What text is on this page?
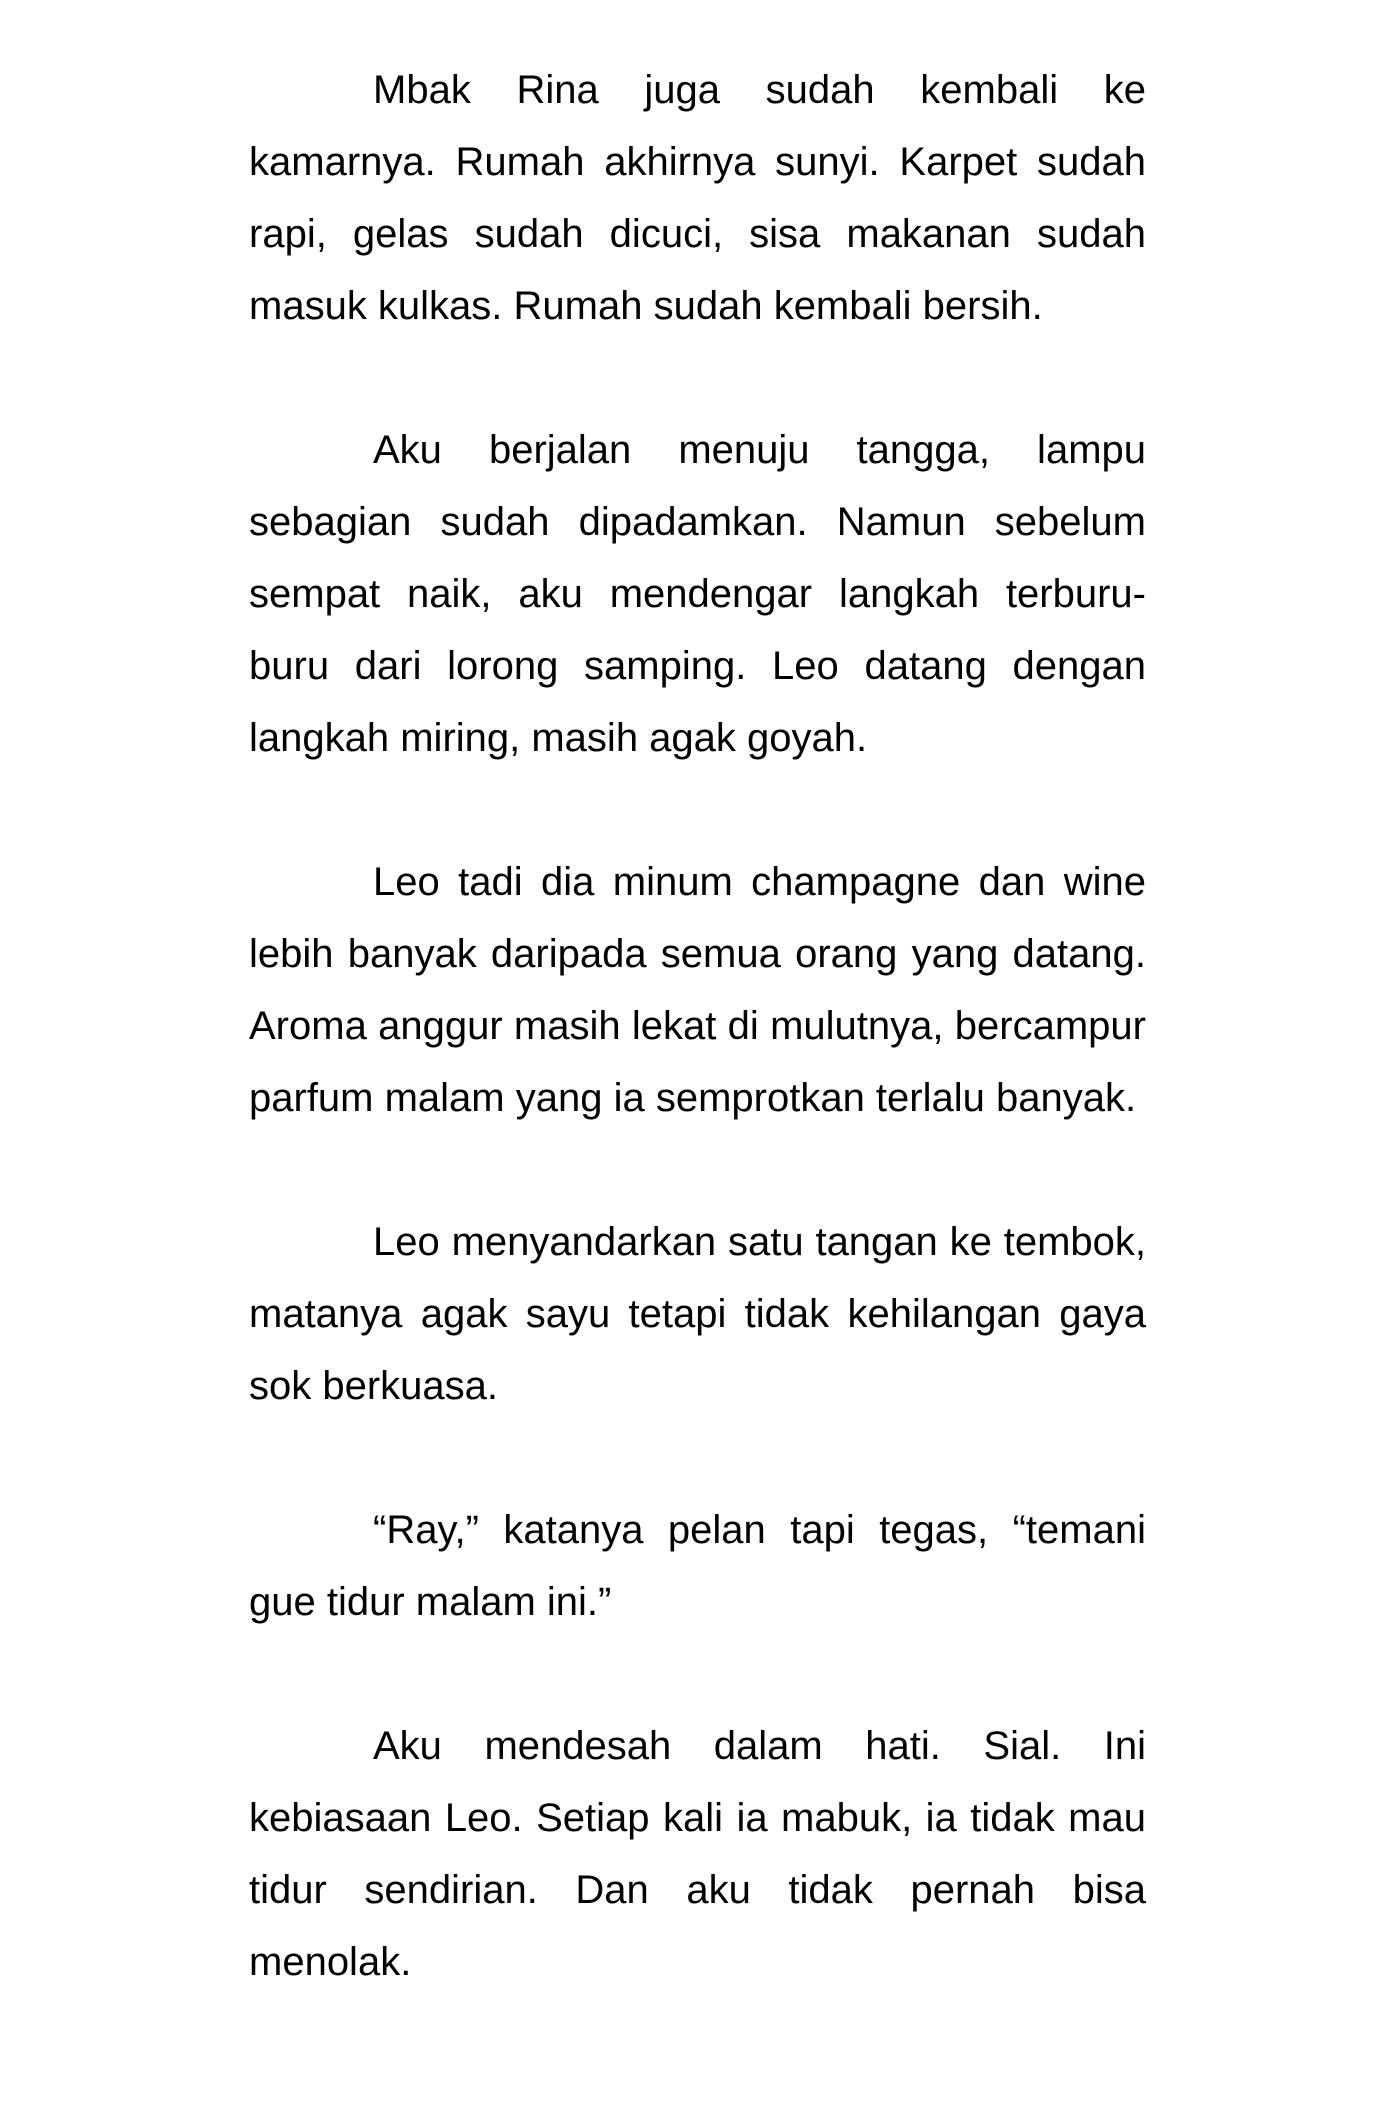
Mbak Rina juga sudah kembali ke kamarnya. Rumah akhirnya sunyi. Karpet sudah rapi, gelas sudah dicuci, sisa makanan sudah masuk kulkas. Rumah sudah kembali bersih.

Aku berjalan menuju tangga, lampu sebagian sudah dipadamkan. Namun sebelum sempat naik, aku mendengar langkah terburu-buru dari lorong samping. Leo datang dengan langkah miring, masih agak goyah.

Leo tadi dia minum champagne dan wine lebih banyak daripada semua orang yang datang. Aroma anggur masih lekat di mulutnya, bercampur parfum malam yang ia semprotkan terlalu banyak.

Leo menyandarkan satu tangan ke tembok, matanya agak sayu tetapi tidak kehilangan gaya sok berkuasa.

“Ray,” katanya pelan tapi tegas, “temani gue tidur malam ini.”

Aku mendesah dalam hati. Sial. Ini kebiasaan Leo. Setiap kali ia mabuk, ia tidak mau tidur sendirian. Dan aku tidak pernah bisa menolak.
